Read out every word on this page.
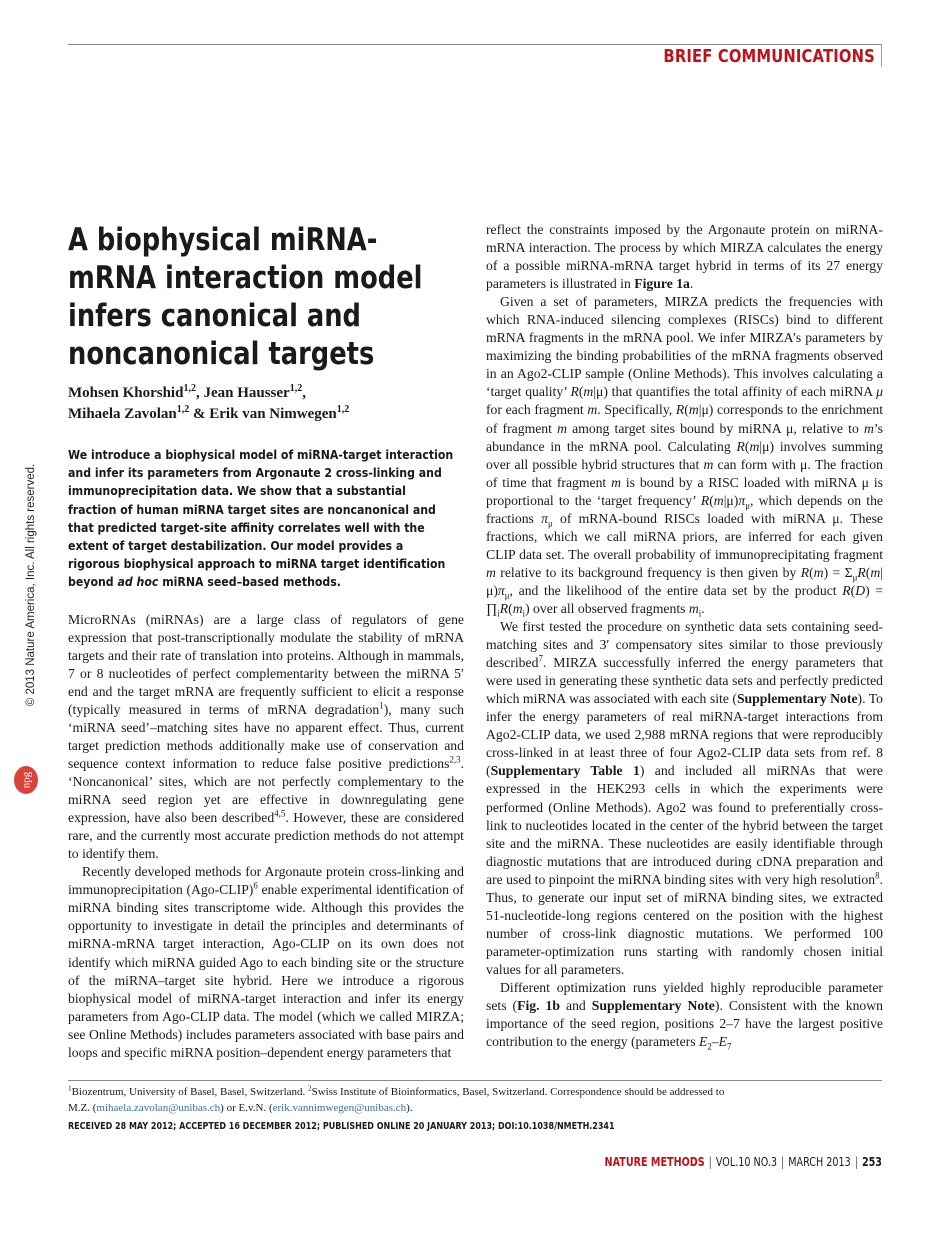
BRIEF COMMUNICATIONS
© 2013 Nature America, Inc. All rights reserved.
npg
A biophysical miRNA-
mRNA interaction model
infers canonical and
noncanonical targets
Mohsen Khorshid$^{1,2}$, Jean Hausser$^{1,2}$,
Mihaela Zavolan$^{1,2}$ & Erik van Nimwegen$^{1,2}$
We introduce a biophysical model of miRNA-target interaction and infer its parameters from Argonaute 2 cross-linking and immunoprecipitation data. We show that a substantial fraction of human miRNA target sites are noncanonical and that predicted target-site affinity correlates well with the extent of target destabilization. Our model provides a rigorous biophysical approach to miRNA target identification beyond ad hoc miRNA seed–based methods.

MicroRNAs (miRNAs) are a large class of regulators of gene expression that post-transcriptionally modulate the stability of mRNA targets and their rate of translation into proteins. Although in mammals, 7 or 8 nucleotides of perfect complementarity between the miRNA 5′ end and the target mRNA are frequently sufficient to elicit a response (typically measured in terms of mRNA degradation$^1$), many such ‘miRNA seed’–matching sites have no apparent effect. Thus, current target prediction methods additionally make use of conservation and sequence context information to reduce false positive predictions$^{2,3}$. ‘Noncanonical’ sites, which are not perfectly complementary to the miRNA seed region yet are effective in downregulating gene expression, have also been described$^{4,5}$. However, these are considered rare, and the currently most accurate prediction methods do not attempt to identify them.

Recently developed methods for Argonaute protein cross-linking and immunoprecipitation (Ago-CLIP)$^6$ enable experimental identification of miRNA binding sites transcriptome wide. Although this provides the opportunity to investigate in detail the principles and determinants of miRNA-mRNA target interaction, Ago-CLIP on its own does not identify which miRNA guided Ago to each binding site or the structure of the miRNA–target site hybrid. Here we introduce a rigorous biophysical model of miRNA-target interaction and infer its energy parameters from Ago-CLIP data. The model (which we called MIRZA; see Online Methods) includes parameters associated with base pairs and loops and specific miRNA position–dependent energy parameters that

reflect the constraints imposed by the Argonaute protein on miRNA-mRNA interaction. The process by which MIRZA calculates the energy of a possible miRNA-mRNA target hybrid in terms of its 27 energy parameters is illustrated in Figure 1a.

Given a set of parameters, MIRZA predicts the frequencies with which RNA-induced silencing complexes (RISCs) bind to different mRNA fragments in the mRNA pool. We infer MIRZA’s parameters by maximizing the binding probabilities of the mRNA fragments observed in an Ago2-CLIP sample (Online Methods). This involves calculating a ‘target quality’ R(m|μ) that quantifies the total affinity of each miRNA μ for each fragment m. Specifically, R(m|μ) corresponds to the enrichment of fragment m among target sites bound by miRNA μ, relative to m’s abundance in the mRNA pool. Calculating R(m|μ) involves summing over all possible hybrid structures that m can form with μ. The fraction of time that fragment m is bound by a RISC loaded with miRNA μ is proportional to the ‘target frequency’ $R(m|\mu)\pi_\mu$, which depends on the fractions $\pi_\mu$ of mRNA-bound RISCs loaded with miRNA μ. These fractions, which we call miRNA priors, are inferred for each given CLIP data set. The overall probability of immunoprecipitating fragment m relative to its background frequency is then given by $R(m) = \Sigma_\mu R(m|\mu)\pi_\mu$, and the likelihood of the entire data set by the product $R(D) = \prod_iR(m_i)$ over all observed fragments $m_i$.

We first tested the procedure on synthetic data sets containing seed-matching sites and 3′ compensatory sites similar to those previously described$^7$. MIRZA successfully inferred the energy parameters that were used in generating these synthetic data sets and perfectly predicted which miRNA was associated with each site (Supplementary Note). To infer the energy parameters of real miRNA-target interactions from Ago2-CLIP data, we used 2,988 mRNA regions that were reproducibly cross-linked in at least three of four Ago2-CLIP data sets from ref. 8 (Supplementary Table 1) and included all miRNAs that were expressed in the HEK293 cells in which the experiments were performed (Online Methods). Ago2 was found to preferentially cross-link to nucleotides located in the center of the hybrid between the target site and the miRNA. These nucleotides are easily identifiable through diagnostic mutations that are introduced during cDNA preparation and are used to pinpoint the miRNA binding sites with very high resolution$^8$. Thus, to generate our input set of miRNA binding sites, we extracted 51-nucleotide-long regions centered on the position with the highest number of cross-link diagnostic mutations. We performed 100 parameter-optimization runs starting with randomly chosen initial values for all parameters.

Different optimization runs yielded highly reproducible parameter sets (Fig. 1b and Supplementary Note). Consistent with the known importance of the seed region, positions 2–7 have the largest positive contribution to the energy (parameters $E_2-E_7$

$^1$Biozentrum, University of Basel, Basel, Switzerland. $^2$Swiss Institute of Bioinformatics, Basel, Switzerland. Correspondence should be addressed to
M.Z. (mihaela.zavolan@unibas.ch) or E.v.N. (erik.vannimwegen@unibas.ch).
RECEIVED 28 MAY 2012; ACCEPTED 16 DECEMBER 2012; PUBLISHED ONLINE 20 JANUARY 2013; DOI:10.1038/NMETH.2341
NATURE METHODS | VOL.10 NO.3 | MARCH 2013 | 253
